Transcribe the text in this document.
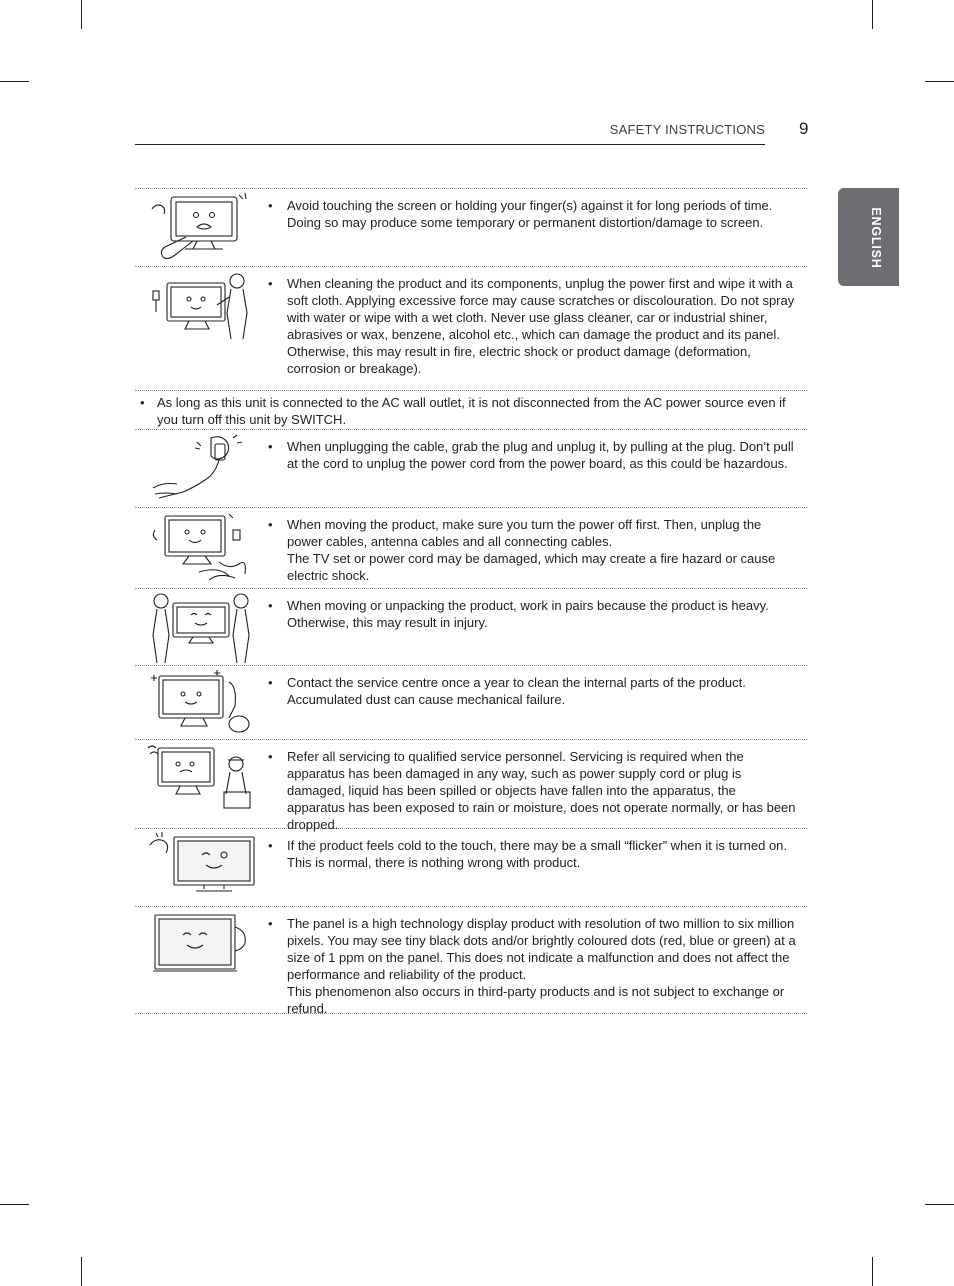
SAFETY INSTRUCTIONS 9
ENGLISH
•	Avoid touching the screen or holding your finger(s) against it for long periods of time. Doing so may produce some temporary or permanent distortion/damage to screen.
•	When cleaning the product and its components, unplug the power first and wipe it with a soft cloth. Applying excessive force may cause scratches or discolouration. Do not spray with water or wipe with a wet cloth. Never use glass cleaner, car or industrial shiner, abrasives or wax, benzene, alcohol etc., which can damage the product and its panel.
Otherwise, this may result in fire, electric shock or product damage (deformation, corrosion or breakage).
• As long as this unit is connected to the AC wall outlet, it is not disconnected from the AC power source even if you turn off this unit by SWITCH.
•	When unplugging the cable, grab the plug and unplug it, by pulling at the plug. Don’t pull at the cord to unplug the power cord from the power board, as this could be hazardous.
•	When moving the product, make sure you turn the power off first. Then, unplug the power cables, antenna cables and all connecting cables.
The TV set or power cord may be damaged, which may create a fire hazard or cause electric shock.
•	When moving or unpacking the product, work in pairs because the product is heavy. Otherwise, this may result in injury.
•	Contact the service centre once a year to clean the internal parts of the product. Accumulated dust can cause mechanical failure.
•	Refer all servicing to qualified service personnel. Servicing is required when the apparatus has been damaged in any way, such as power supply cord or plug is damaged, liquid has been spilled or objects have fallen into the apparatus, the apparatus has been exposed to rain or moisture, does not operate normally, or has been dropped.
•	If the product feels cold to the touch, there may be a small “flicker” when it is turned on. This is normal, there is nothing wrong with product.
•	The panel is a high technology display product with resolution of two million to six million pixels. You may see tiny black dots and/or brightly coloured dots (red, blue or green) at a size of 1 ppm on the panel. This does not indicate a malfunction and does not affect the performance and reliability of the product.
This phenomenon also occurs in third-party products and is not subject to exchange or refund.
